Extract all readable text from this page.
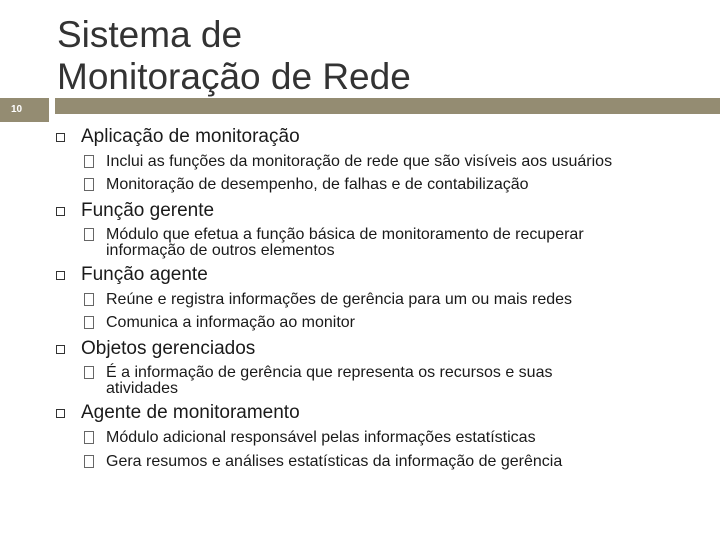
Sistema de
Monitoração de Rede
10
Aplicação de monitoração
Inclui as funções da monitoração de rede que são visíveis aos usuários
Monitoração de desempenho, de falhas e de contabilização
Função gerente
Módulo que efetua a função básica de monitoramento de recuperar informação de outros elementos
Função agente
Reúne e registra informações de gerência para um ou mais redes
Comunica a informação ao monitor
Objetos gerenciados
É a informação de gerência que representa os recursos e suas atividades
Agente de monitoramento
Módulo adicional responsável pelas informações estatísticas
Gera resumos e análises estatísticas da informação de gerência
